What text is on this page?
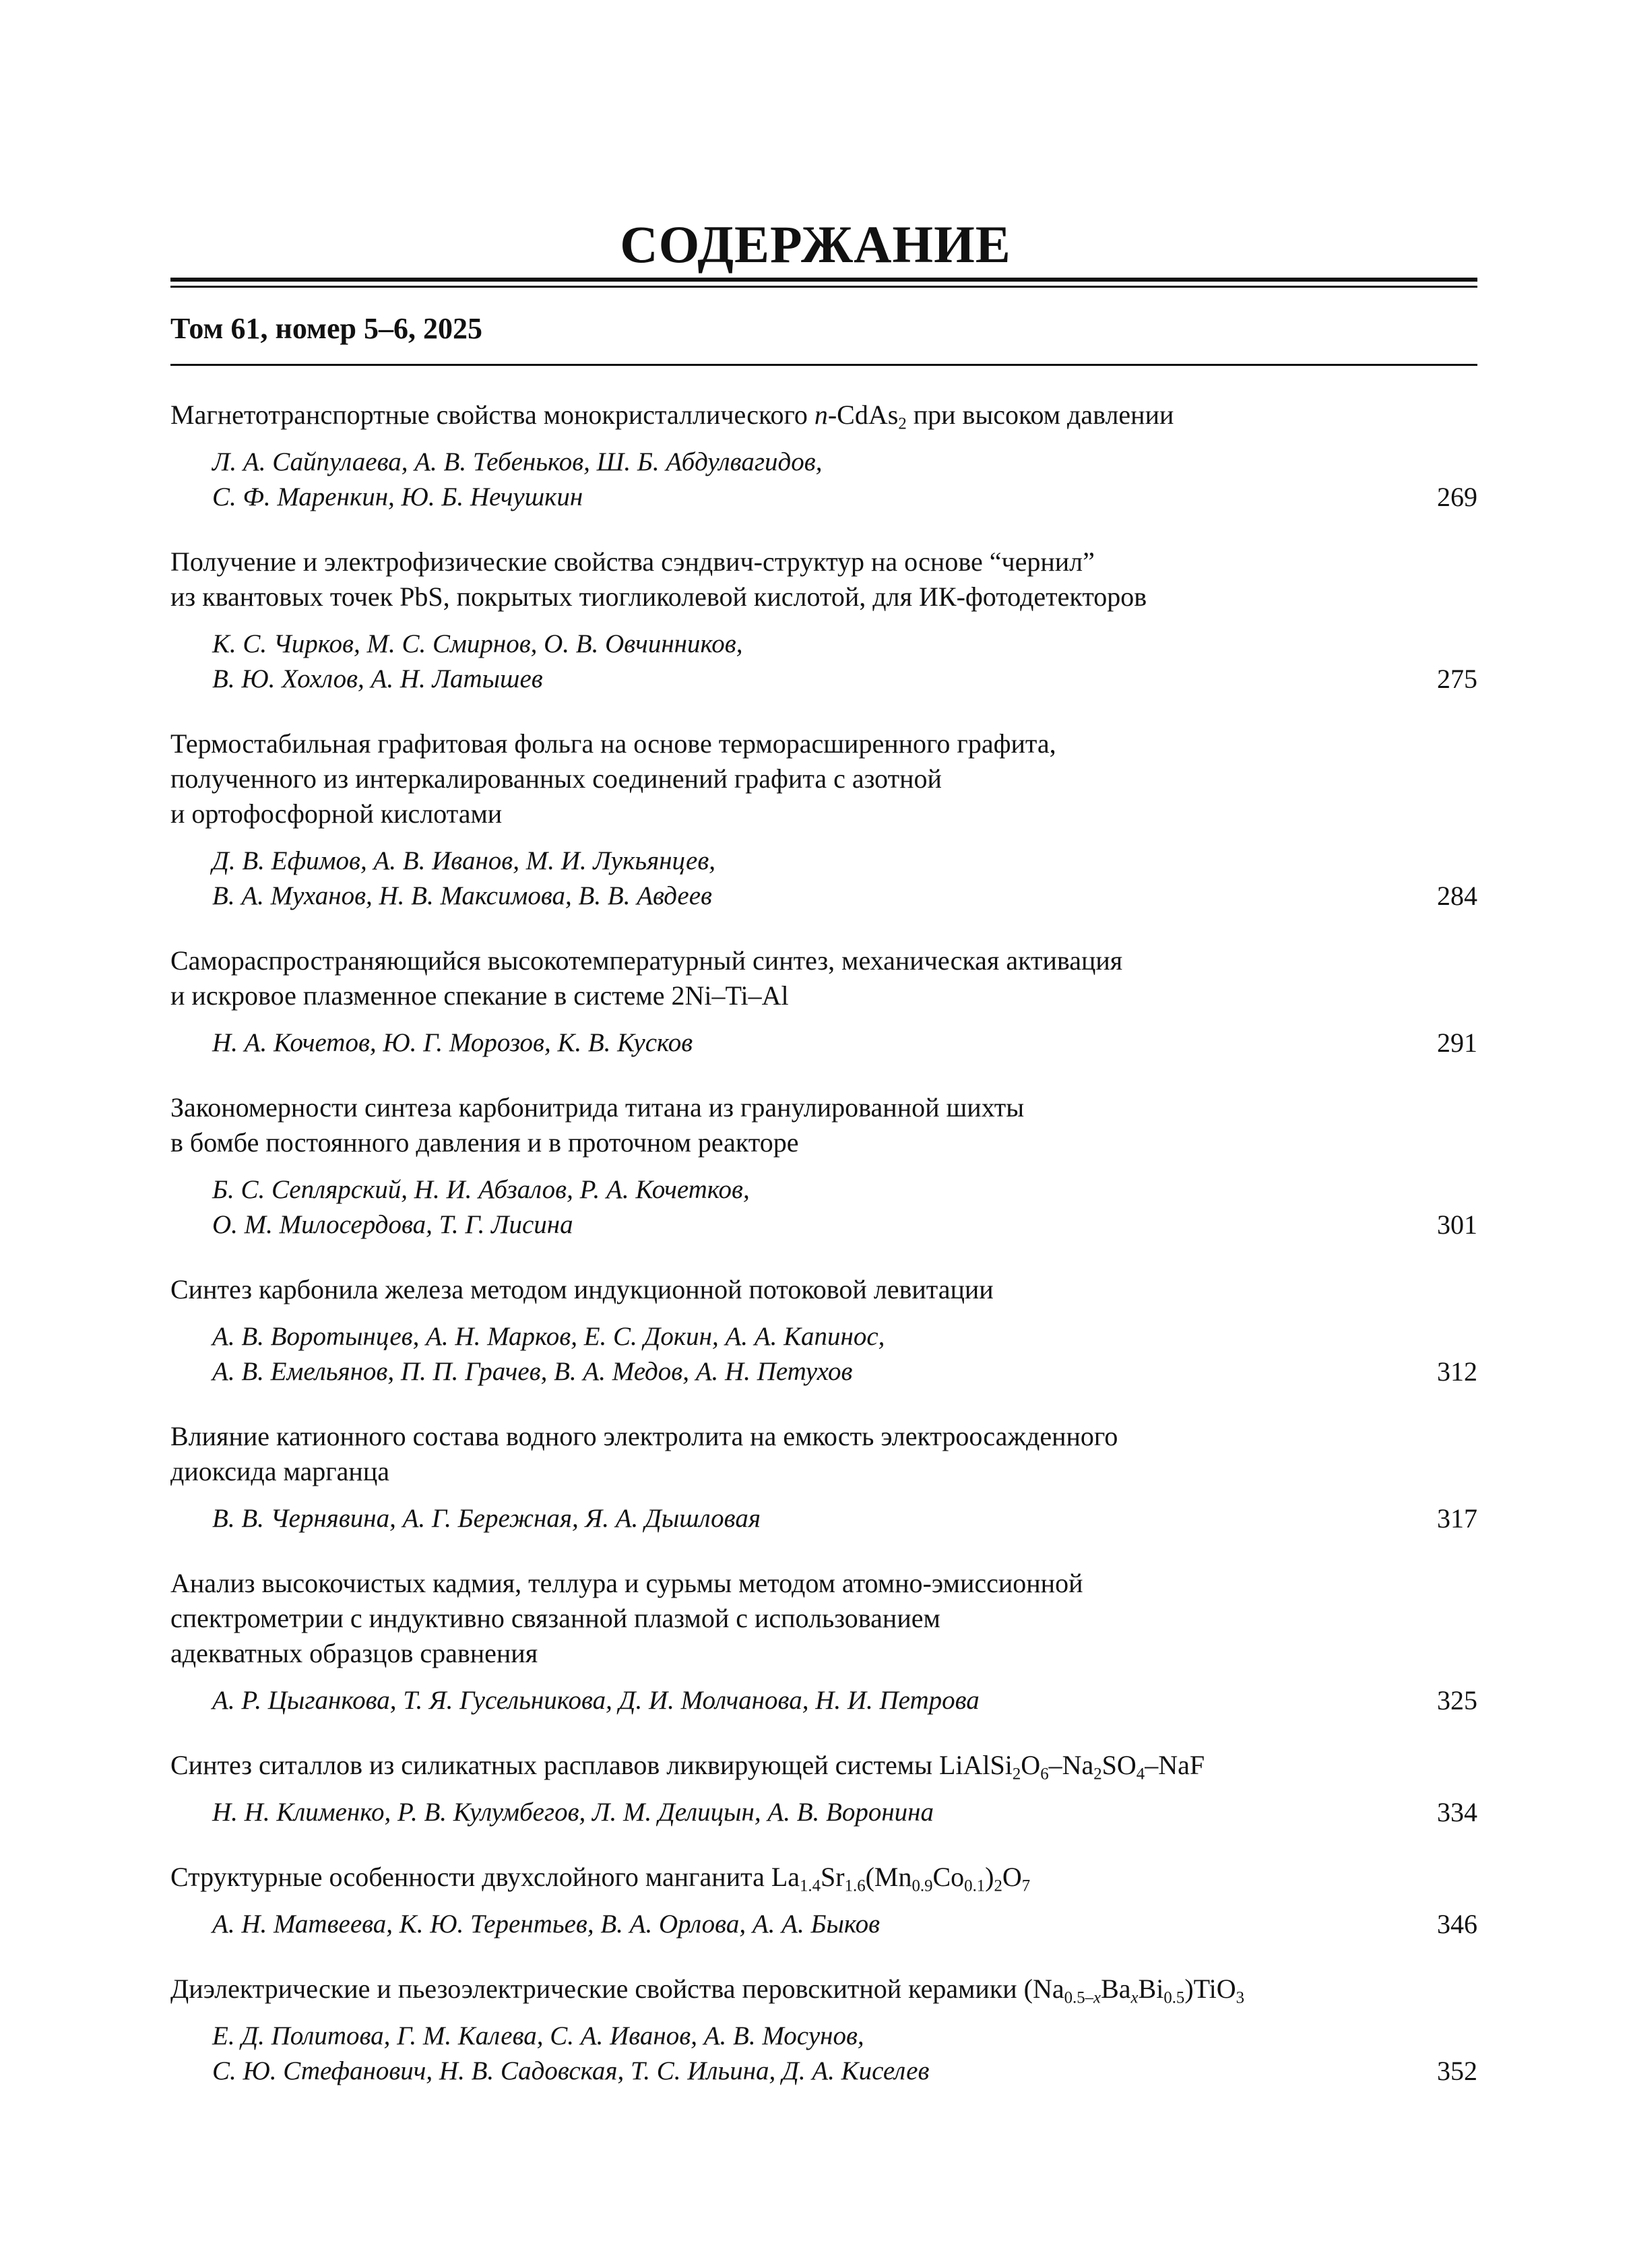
СОДЕРЖАНИЕ
Том 61, номер 5–6, 2025
Магнетотранспортные свойства монокристаллического n-CdAs$_2$ при высоком давлении
Л. А. Сайпулаева, А. В. Тебеньков, Ш. Б. Абдулвагидов,
С. Ф. Маренкин, Ю. Б. Нечушкин	269
Получение и электрофизические свойства сэндвич-структур на основе “чернил”
из квантовых точек PbS, покрытых тиогликолевой кислотой, для ИК-фотодетекторов
К. С. Чирков, М. С. Смирнов, О. В. Овчинников,
В. Ю. Хохлов, А. Н. Латышев	275
Термостабильная графитовая фольга на основе терморасширенного графита,
полученного из интеркалированных соединений графита с азотной
и ортофосфорной кислотами
Д. В. Ефимов, А. В. Иванов, М. И. Лукьянцев,
В. А. Муханов, Н. В. Максимова, В. В. Авдеев	284
Самораспространяющийся высокотемпературный синтез, механическая активация
и искровое плазменное спекание в системе 2Ni–Ti–Al
Н. А. Кочетов, Ю. Г. Морозов, К. В. Кусков	291
Закономерности синтеза карбонитрида титана из гранулированной шихты
в бомбе постоянного давления и в проточном реакторе
Б. С. Сеплярский, Н. И. Абзалов, Р. А. Кочетков,
О. М. Милосердова, Т. Г. Лисина	301
Синтез карбонила железа методом индукционной потоковой левитации
А. В. Воротынцев, А. Н. Марков, Е. С. Докин, А. А. Капинос,
А. В. Емельянов, П. П. Грачев, В. А. Медов, А. Н. Петухов	312
Влияние катионного состава водного электролита на емкость электроосажденного
диоксида марганца
В. В. Чернявина, А. Г. Бережная, Я. А. Дышловая	317
Анализ высокочистых кадмия, теллура и сурьмы методом атомно-эмиссионной
спектрометрии с индуктивно связанной плазмой с использованием
адекватных образцов сравнения
А. Р. Цыганкова, Т. Я. Гусельникова, Д. И. Молчанова, Н. И. Петрова	325
Синтез ситаллов из силикатных расплавов ликвирующей системы $LiAlSi_2O_6-Na_2SO_4$–NaF
Н. Н. Клименко, Р. В. Кулумбегов, Л. М. Делицын, А. В. Воронина	334
Структурные особенности двухслойного манганита $La_{1.4}Sr_{1.6}(Mn_{0.9}Co_{0.1})_2O_7$
А. Н. Матвеева, К. Ю. Терентьев, В. А. Орлова, А. А. Быков	346
Диэлектрические и пьезоэлектрические свойства перовскитной керамики $(Na_{0.5-x}Ba_xBi_{0.5})TiO_3$
Е. Д. Политова, Г. М. Калева, С. А. Иванов, А. В. Мосунов,
С. Ю. Стефанович, Н. В. Садовская, Т. С. Ильина, Д. А. Киселев	352
